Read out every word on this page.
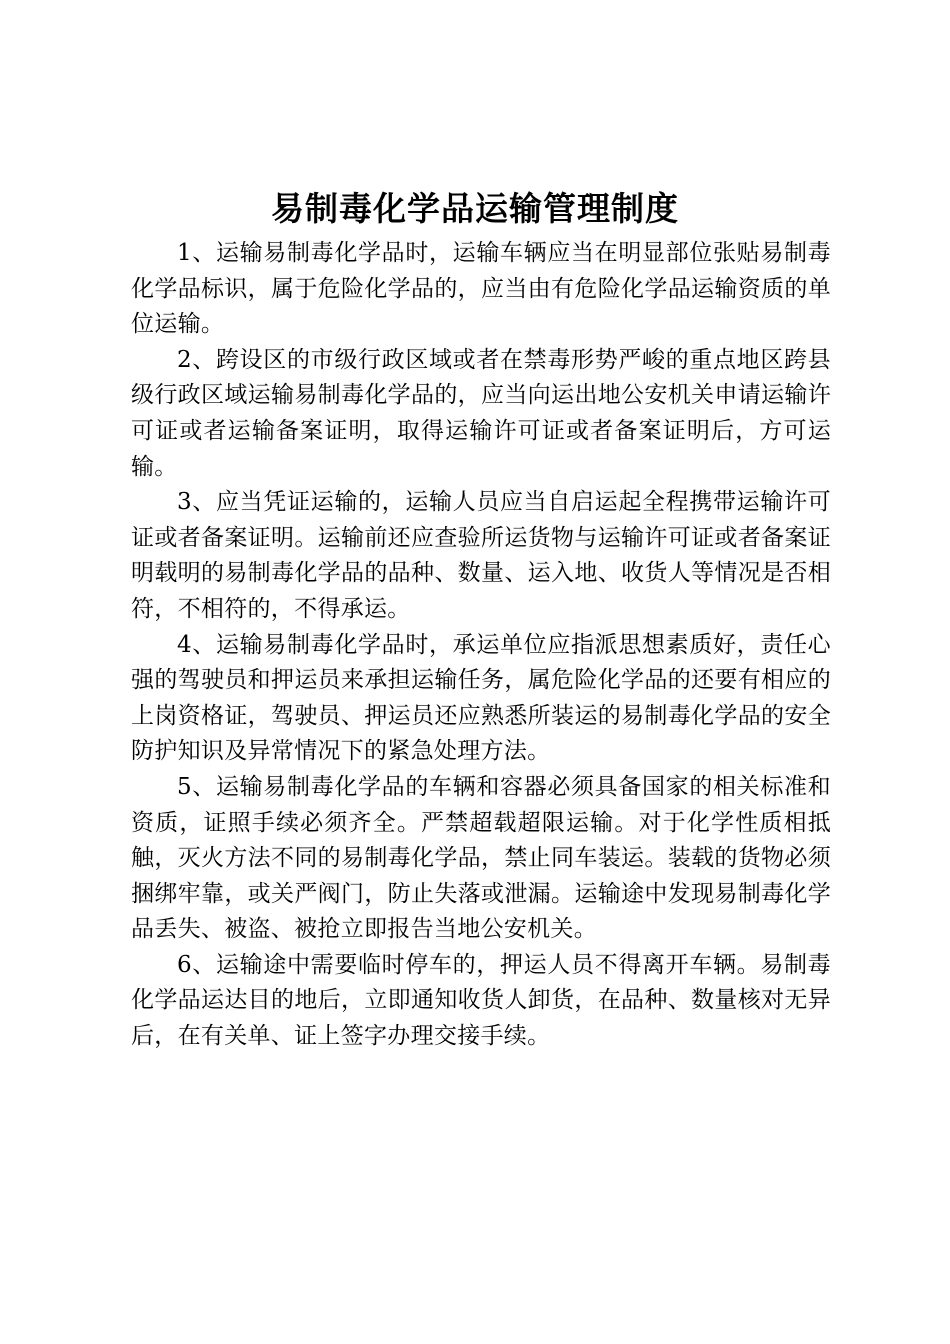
易制毒化学品运输管理制度

1、运输易制毒化学品时，运输车辆应当在明显部位张贴易制毒化学品标识，属于危险化学品的，应当由有危险化学品运输资质的单位运输。

2、跨设区的市级行政区域或者在禁毒形势严峻的重点地区跨县级行政区域运输易制毒化学品的，应当向运出地公安机关申请运输许可证或者运输备案证明，取得运输许可证或者备案证明后，方可运输。

3、应当凭证运输的，运输人员应当自启运起全程携带运输许可证或者备案证明。运输前还应查验所运货物与运输许可证或者备案证明载明的易制毒化学品的品种、数量、运入地、收货人等情况是否相符，不相符的，不得承运。

4、运输易制毒化学品时，承运单位应指派思想素质好，责任心强的驾驶员和押运员来承担运输任务，属危险化学品的还要有相应的上岗资格证，驾驶员、押运员还应熟悉所装运的易制毒化学品的安全防护知识及异常情况下的紧急处理方法。

5、运输易制毒化学品的车辆和容器必须具备国家的相关标准和资质，证照手续必须齐全。严禁超载超限运输。对于化学性质相抵触，灭火方法不同的易制毒化学品，禁止同车装运。装载的货物必须捆绑牢靠，或关严阀门，防止失落或泄漏。运输途中发现易制毒化学品丢失、被盗、被抢立即报告当地公安机关。

6、运输途中需要临时停车的，押运人员不得离开车辆。易制毒化学品运达目的地后，立即通知收货人卸货，在品种、数量核对无异后，在有关单、证上签字办理交接手续。
